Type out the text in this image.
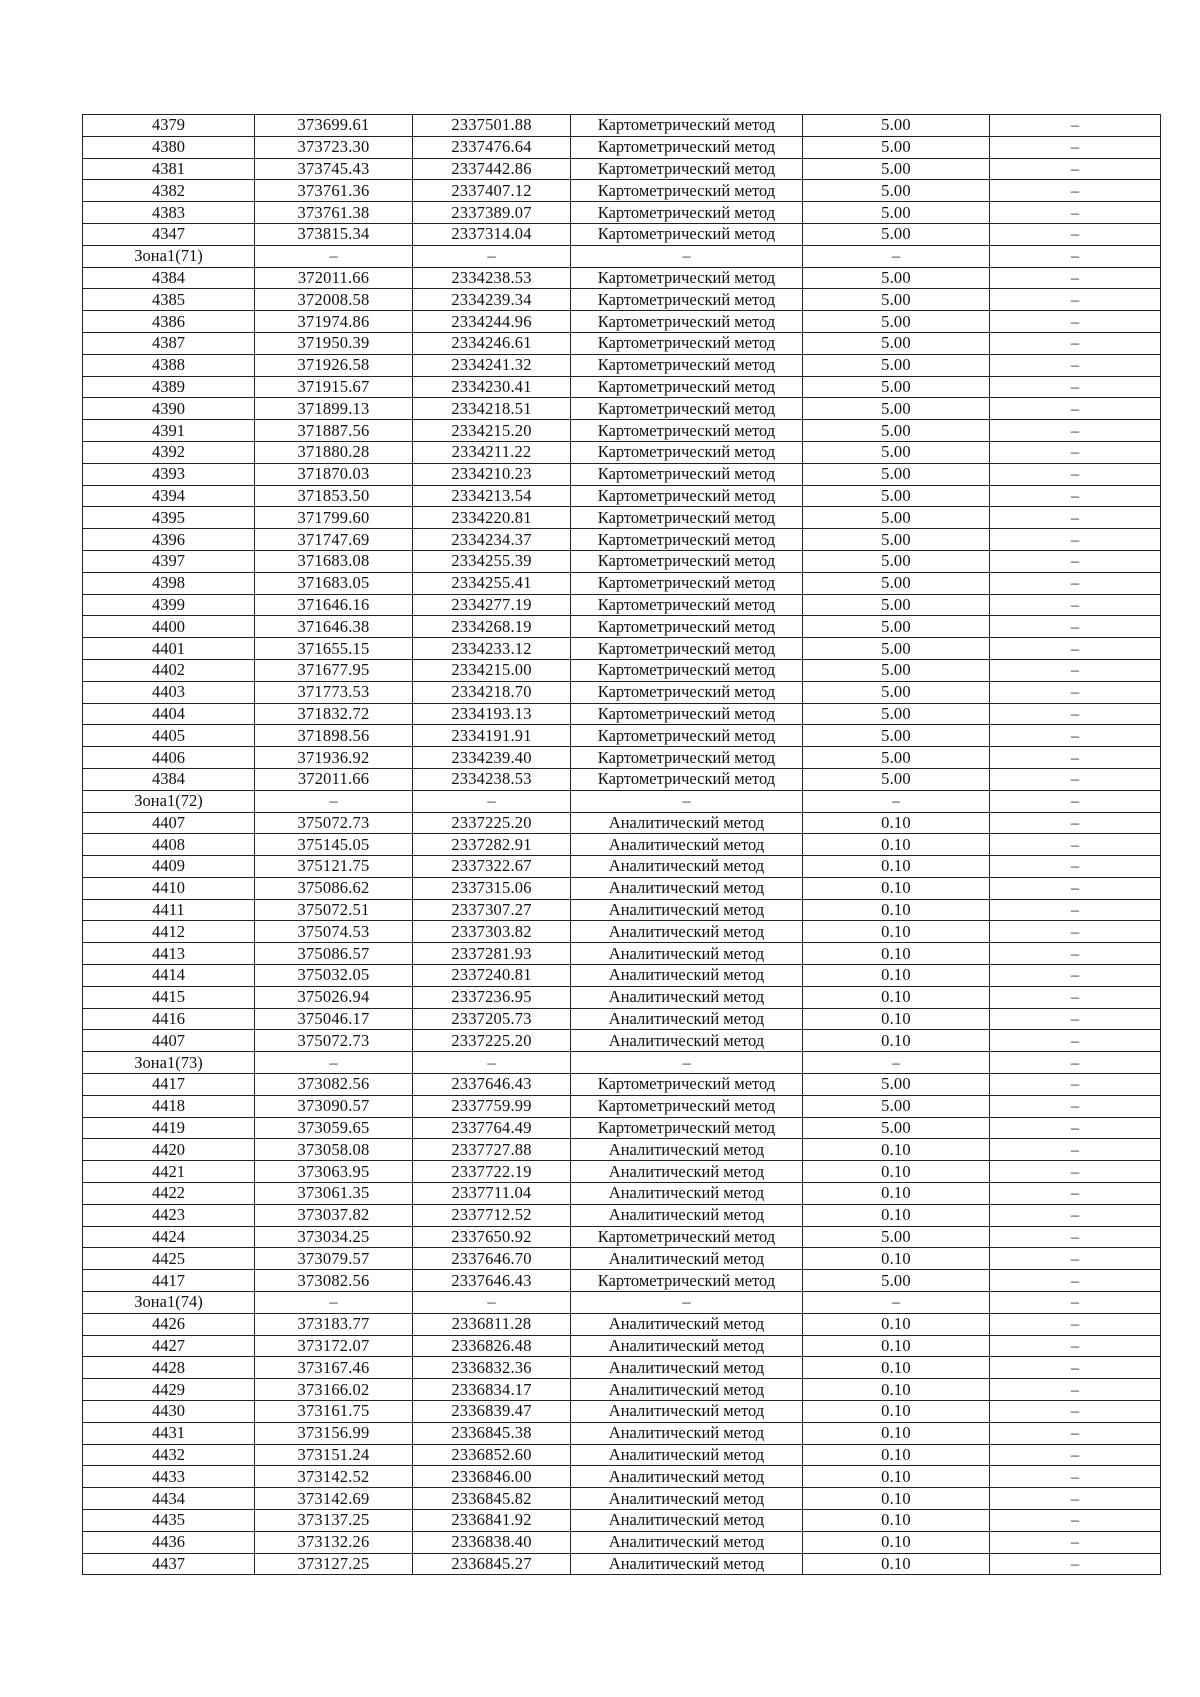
4379	373699.61	2337501.88	Картометрический метод	5.00	–
4380	373723.30	2337476.64	Картометрический метод	5.00	–
4381	373745.43	2337442.86	Картометрический метод	5.00	–
4382	373761.36	2337407.12	Картометрический метод	5.00	–
4383	373761.38	2337389.07	Картометрический метод	5.00	–
4347	373815.34	2337314.04	Картометрический метод	5.00	–
Зона1(71)	–	–	–	–	–
4384	372011.66	2334238.53	Картометрический метод	5.00	–
4385	372008.58	2334239.34	Картометрический метод	5.00	–
4386	371974.86	2334244.96	Картометрический метод	5.00	–
4387	371950.39	2334246.61	Картометрический метод	5.00	–
4388	371926.58	2334241.32	Картометрический метод	5.00	–
4389	371915.67	2334230.41	Картометрический метод	5.00	–
4390	371899.13	2334218.51	Картометрический метод	5.00	–
4391	371887.56	2334215.20	Картометрический метод	5.00	–
4392	371880.28	2334211.22	Картометрический метод	5.00	–
4393	371870.03	2334210.23	Картометрический метод	5.00	–
4394	371853.50	2334213.54	Картометрический метод	5.00	–
4395	371799.60	2334220.81	Картометрический метод	5.00	–
4396	371747.69	2334234.37	Картометрический метод	5.00	–
4397	371683.08	2334255.39	Картометрический метод	5.00	–
4398	371683.05	2334255.41	Картометрический метод	5.00	–
4399	371646.16	2334277.19	Картометрический метод	5.00	–
4400	371646.38	2334268.19	Картометрический метод	5.00	–
4401	371655.15	2334233.12	Картометрический метод	5.00	–
4402	371677.95	2334215.00	Картометрический метод	5.00	–
4403	371773.53	2334218.70	Картометрический метод	5.00	–
4404	371832.72	2334193.13	Картометрический метод	5.00	–
4405	371898.56	2334191.91	Картометрический метод	5.00	–
4406	371936.92	2334239.40	Картометрический метод	5.00	–
4384	372011.66	2334238.53	Картометрический метод	5.00	–
Зона1(72)	–	–	–	–	–
4407	375072.73	2337225.20	Аналитический метод	0.10	–
4408	375145.05	2337282.91	Аналитический метод	0.10	–
4409	375121.75	2337322.67	Аналитический метод	0.10	–
4410	375086.62	2337315.06	Аналитический метод	0.10	–
4411	375072.51	2337307.27	Аналитический метод	0.10	–
4412	375074.53	2337303.82	Аналитический метод	0.10	–
4413	375086.57	2337281.93	Аналитический метод	0.10	–
4414	375032.05	2337240.81	Аналитический метод	0.10	–
4415	375026.94	2337236.95	Аналитический метод	0.10	–
4416	375046.17	2337205.73	Аналитический метод	0.10	–
4407	375072.73	2337225.20	Аналитический метод	0.10	–
Зона1(73)	–	–	–	–	–
4417	373082.56	2337646.43	Картометрический метод	5.00	–
4418	373090.57	2337759.99	Картометрический метод	5.00	–
4419	373059.65	2337764.49	Картометрический метод	5.00	–
4420	373058.08	2337727.88	Аналитический метод	0.10	–
4421	373063.95	2337722.19	Аналитический метод	0.10	–
4422	373061.35	2337711.04	Аналитический метод	0.10	–
4423	373037.82	2337712.52	Аналитический метод	0.10	–
4424	373034.25	2337650.92	Картометрический метод	5.00	–
4425	373079.57	2337646.70	Аналитический метод	0.10	–
4417	373082.56	2337646.43	Картометрический метод	5.00	–
Зона1(74)	–	–	–	–	–
4426	373183.77	2336811.28	Аналитический метод	0.10	–
4427	373172.07	2336826.48	Аналитический метод	0.10	–
4428	373167.46	2336832.36	Аналитический метод	0.10	–
4429	373166.02	2336834.17	Аналитический метод	0.10	–
4430	373161.75	2336839.47	Аналитический метод	0.10	–
4431	373156.99	2336845.38	Аналитический метод	0.10	–
4432	373151.24	2336852.60	Аналитический метод	0.10	–
4433	373142.52	2336846.00	Аналитический метод	0.10	–
4434	373142.69	2336845.82	Аналитический метод	0.10	–
4435	373137.25	2336841.92	Аналитический метод	0.10	–
4436	373132.26	2336838.40	Аналитический метод	0.10	–
4437	373127.25	2336845.27	Аналитический метод	0.10	–
